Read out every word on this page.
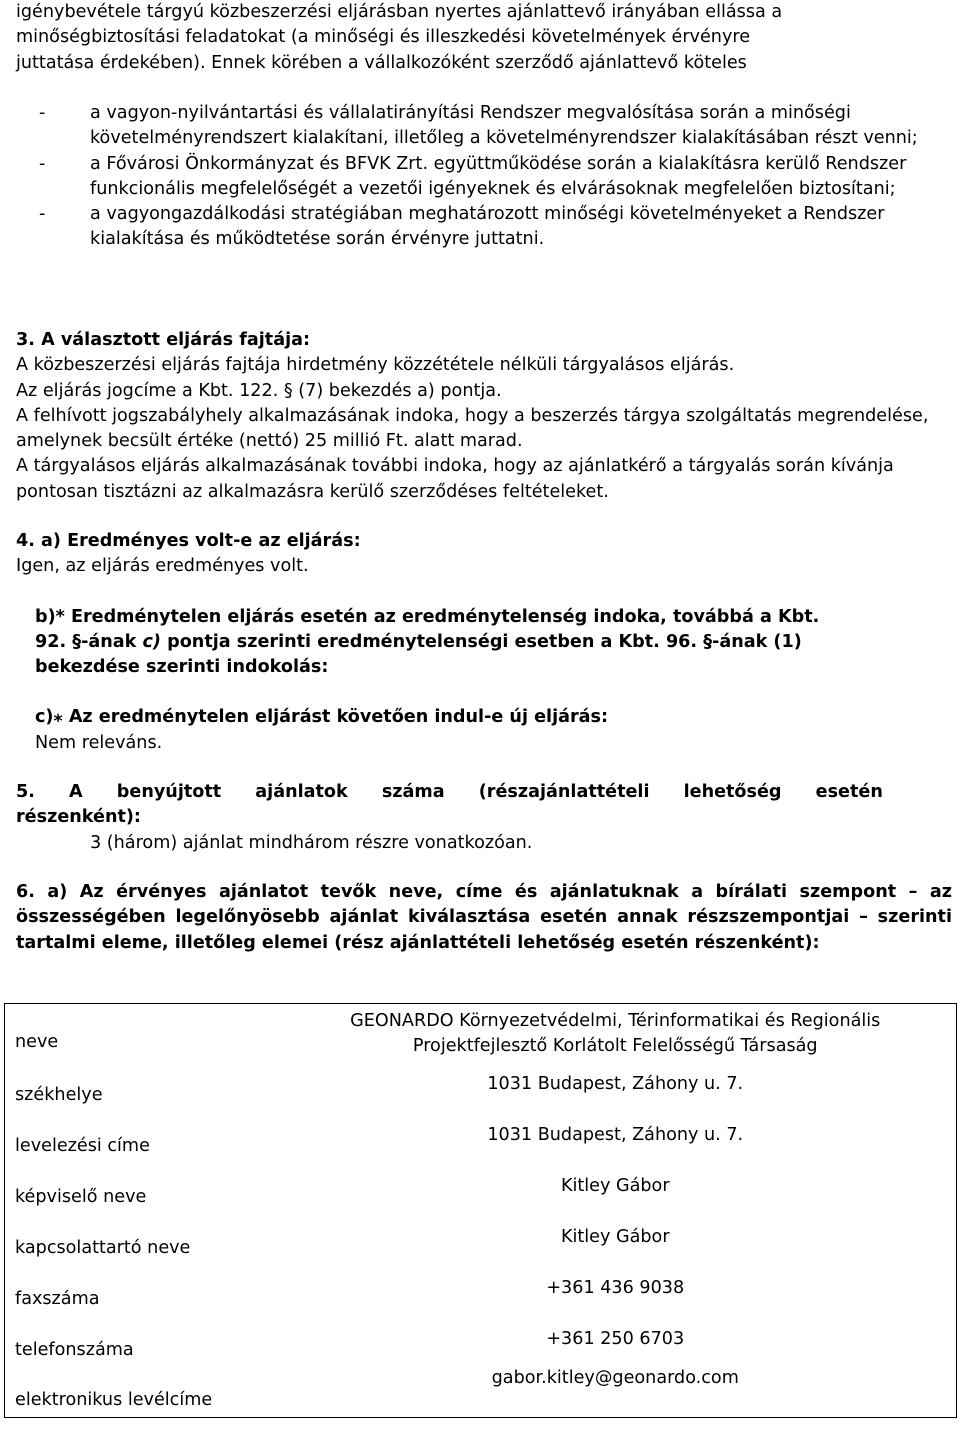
igénybevétele tárgyú közbeszerzési eljárásban nyertes ajánlattevő irányában ellássa a

minőségbiztosítási feladatokat (a minőségi és illeszkedési követelmények érvényre

juttatása érdekében). Ennek körében a vállalkozóként szerződő ajánlattevő köteles

-	a vagyon-nyilvántartási és vállalatirányítási Rendszer megvalósítása során a minőségi követelményrendszert kialakítani, illetőleg a követelményrendszer kialakításában részt venni;
-	a Fővárosi Önkormányzat és BFVK Zrt. együttműködése során a kialakításra kerülő Rendszer funkcionális megfelelőségét a vezetői igényeknek és elvárásoknak megfelelően biztosítani;
-	a vagyongazdálkodási stratégiában meghatározott minőségi követelményeket a Rendszer kialakítása és működtetése során érvényre juttatni.

3. A választott eljárás fajtája:

A közbeszerzési eljárás fajtája hirdetmény közzététele nélküli tárgyalásos eljárás.

Az eljárás jogcíme a Kbt. 122. § (7) bekezdés a) pontja.

A felhívott jogszabályhely alkalmazásának indoka, hogy a beszerzés tárgya szolgáltatás megrendelése, amelynek becsült értéke (nettó) 25 millió Ft. alatt marad.

A tárgyalásos eljárás alkalmazásának további indoka, hogy az ajánlatkérő a tárgyalás során kívánja pontosan tisztázni az alkalmazásra kerülő szerződéses feltételeket.

4. a) Eredményes volt-e az eljárás:

Igen, az eljárás eredményes volt.

b)* Eredménytelen eljárás esetén az eredménytelenség indoka, továbbá a Kbt.

92. §-ának c) pontja szerinti eredménytelenségi esetben a Kbt. 96. §-ának (1)

bekezdése szerinti indokolás:

c)⁎ Az eredménytelen eljárást követően indul-e új eljárás:

Nem releváns.

5. A benyújtott ajánlatok száma (részajánlattételi lehetőség esetén

részenként):

3 (három) ajánlat mindhárom részre vonatkozóan.

6. a) Az érvényes ajánlatot tevők neve, címe és ajánlatuknak a bírálati szempont – az összességében legelőnyösebb ajánlat kiválasztása esetén annak részszempontjai – szerinti tartalmi eleme, illetőleg elemei (rész ajánlattételi lehetőség esetén részenként):

neve	GEONARDO Környezetvédelmi, Térinformatikai és Regionális
Projektfejlesztő Korlátolt Felelősségű Társaság

székhelye	1031 Budapest, Záhony u. 7.

levelezési címe	1031 Budapest, Záhony u. 7.

képviselő neve	Kitley Gábor

kapcsolattartó neve	Kitley Gábor

faxszáma	+361 436 9038

telefonszáma	+361 250 6703

elektronikus levélcíme	gabor.kitley@geonardo.com
